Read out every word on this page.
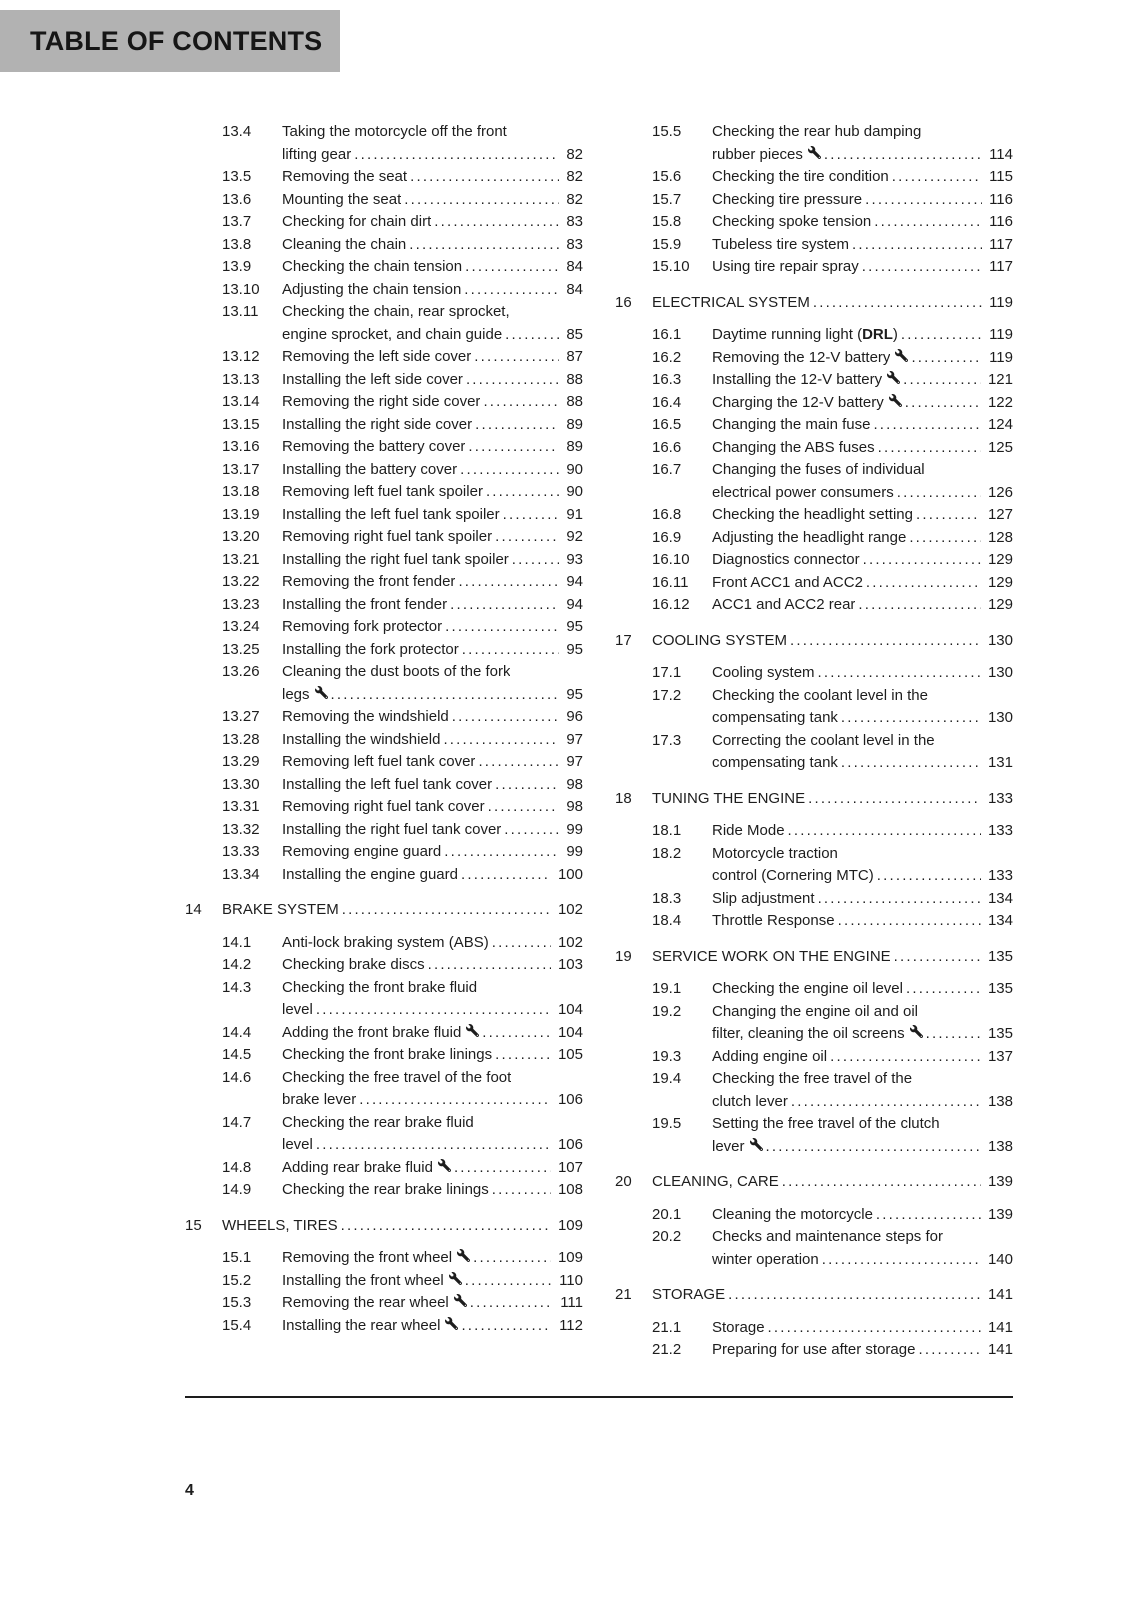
TABLE OF CONTENTS
13.4	Taking the motorcycle off the front
lifting gear .....	82
13.5	Removing the seat .....	82
13.6	Mounting the seat .....	82
13.7	Checking for chain dirt .....	83
13.8	Cleaning the chain .....	83
13.9	Checking the chain tension .....	84
13.10	Adjusting the chain tension .....	84
13.11	Checking the chain, rear sprocket,
engine sprocket, and chain guide .....	85
13.12	Removing the left side cover .....	87
13.13	Installing the left side cover .....	88
13.14	Removing the right side cover .....	88
13.15	Installing the right side cover .....	89
13.16	Removing the battery cover .....	89
13.17	Installing the battery cover .....	90
13.18	Removing left fuel tank spoiler .....	90
13.19	Installing the left fuel tank spoiler .....	91
13.20	Removing right fuel tank spoiler .....	92
13.21	Installing the right fuel tank spoiler .....	93
13.22	Removing the front fender .....	94
13.23	Installing the front fender .....	94
13.24	Removing fork protector .....	95
13.25	Installing the fork protector .....	95
13.26	Cleaning the dust boots of the fork
legs .....	95
13.27	Removing the windshield .....	96
13.28	Installing the windshield .....	97
13.29	Removing left fuel tank cover .....	97
13.30	Installing the left fuel tank cover .....	98
13.31	Removing right fuel tank cover .....	98
13.32	Installing the right fuel tank cover .....	99
13.33	Removing engine guard .....	99
13.34	Installing the engine guard .....	100
14	BRAKE SYSTEM .....	102
14.1	Anti-lock braking system (ABS) .....	102
14.2	Checking brake discs .....	103
14.3	Checking the front brake fluid
level .....	104
14.4	Adding the front brake fluid .....	104
14.5	Checking the front brake linings .....	105
14.6	Checking the free travel of the foot
brake lever .....	106
14.7	Checking the rear brake fluid
level .....	106
14.8	Adding rear brake fluid .....	107
14.9	Checking the rear brake linings .....	108
15	WHEELS, TIRES .....	109
15.1	Removing the front wheel .....	109
15.2	Installing the front wheel .....	110
15.3	Removing the rear wheel .....	111
15.4	Installing the rear wheel .....	112
15.5	Checking the rear hub damping
rubber pieces .....	114
15.6	Checking the tire condition .....	115
15.7	Checking tire pressure .....	116
15.8	Checking spoke tension .....	116
15.9	Tubeless tire system .....	117
15.10	Using tire repair spray .....	117
16	ELECTRICAL SYSTEM .....	119
16.1	Daytime running light (DRL) .....	119
16.2	Removing the 12-V battery .....	119
16.3	Installing the 12-V battery .....	121
16.4	Charging the 12-V battery .....	122
16.5	Changing the main fuse .....	124
16.6	Changing the ABS fuses .....	125
16.7	Changing the fuses of individual
electrical power consumers .....	126
16.8	Checking the headlight setting .....	127
16.9	Adjusting the headlight range .....	128
16.10	Diagnostics connector .....	129
16.11	Front ACC1 and ACC2 .....	129
16.12	ACC1 and ACC2 rear .....	129
17	COOLING SYSTEM .....	130
17.1	Cooling system .....	130
17.2	Checking the coolant level in the
compensating tank .....	130
17.3	Correcting the coolant level in the
compensating tank .....	131
18	TUNING THE ENGINE .....	133
18.1	Ride Mode .....	133
18.2	Motorcycle traction
control (Cornering MTC) .....	133
18.3	Slip adjustment .....	134
18.4	Throttle Response .....	134
19	SERVICE WORK ON THE ENGINE .....	135
19.1	Checking the engine oil level .....	135
19.2	Changing the engine oil and oil
filter, cleaning the oil screens .....	135
19.3	Adding engine oil .....	137
19.4	Checking the free travel of the
clutch lever .....	138
19.5	Setting the free travel of the clutch
lever .....	138
20	CLEANING, CARE .....	139
20.1	Cleaning the motorcycle .....	139
20.2	Checks and maintenance steps for
winter operation .....	140
21	STORAGE .....	141
21.1	Storage .....	141
21.2	Preparing for use after storage .....	141
4
